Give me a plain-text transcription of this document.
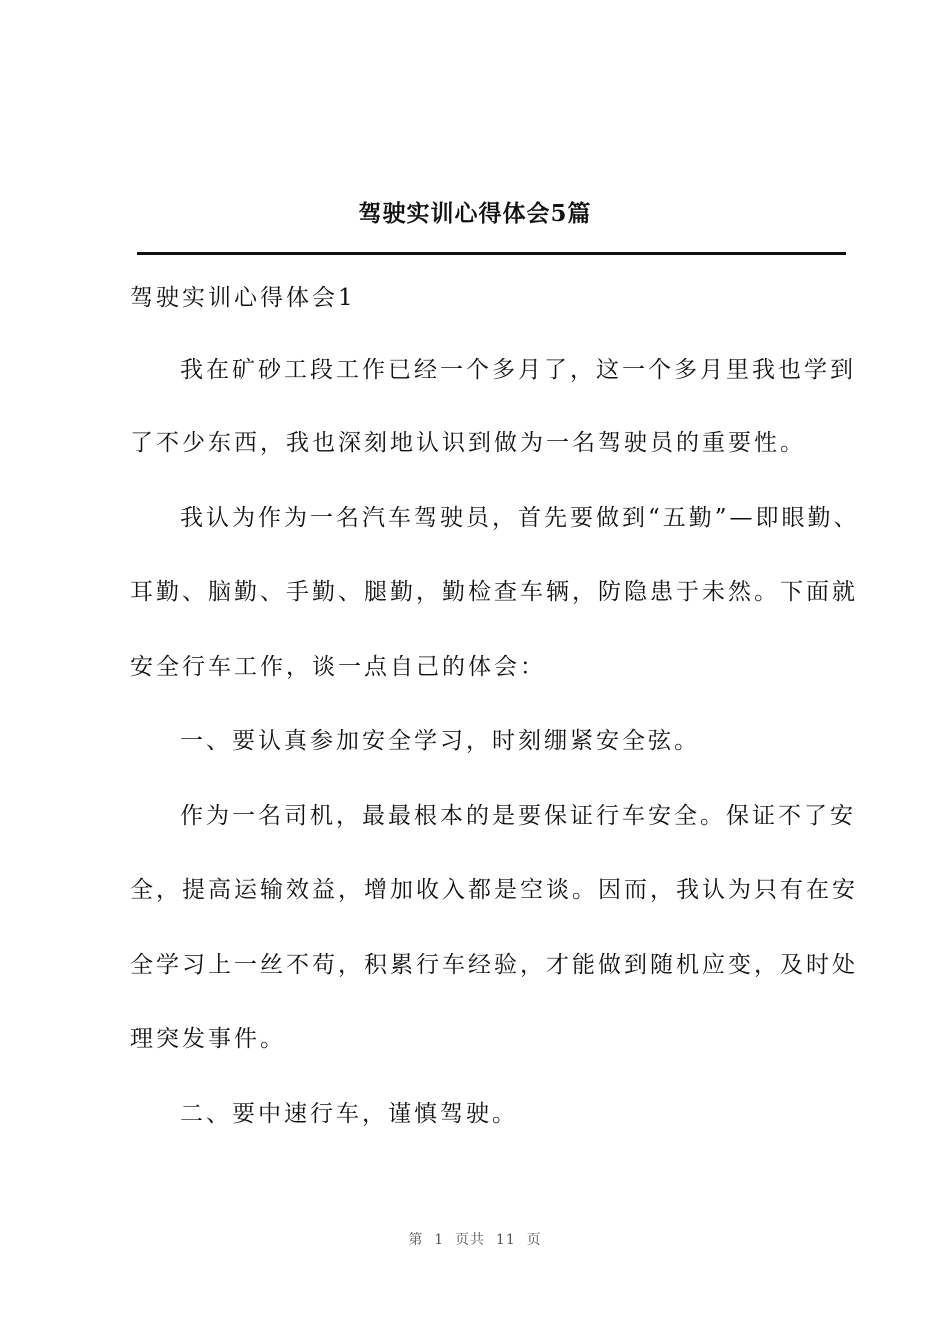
驾驶实训心得体会5篇
驾驶实训心得体会1
我在矿砂工段工作已经一个多月了，这一个多月里我也学到
了不少东西，我也深刻地认识到做为一名驾驶员的重要性。
我认为作为一名汽车驾驶员，首先要做到“五勤”—即眼勤、
耳勤、脑勤、手勤、腿勤，勤检查车辆，防隐患于未然。下面就
安全行车工作，谈一点自己的体会：
一、要认真参加安全学习，时刻绷紧安全弦。
作为一名司机，最最根本的是要保证行车安全。保证不了安
全，提高运输效益，增加收入都是空谈。因而，我认为只有在安
全学习上一丝不苟，积累行车经验，才能做到随机应变，及时处
理突发事件。
二、要中速行车，谨慎驾驶。
第  1  页共  11  页
